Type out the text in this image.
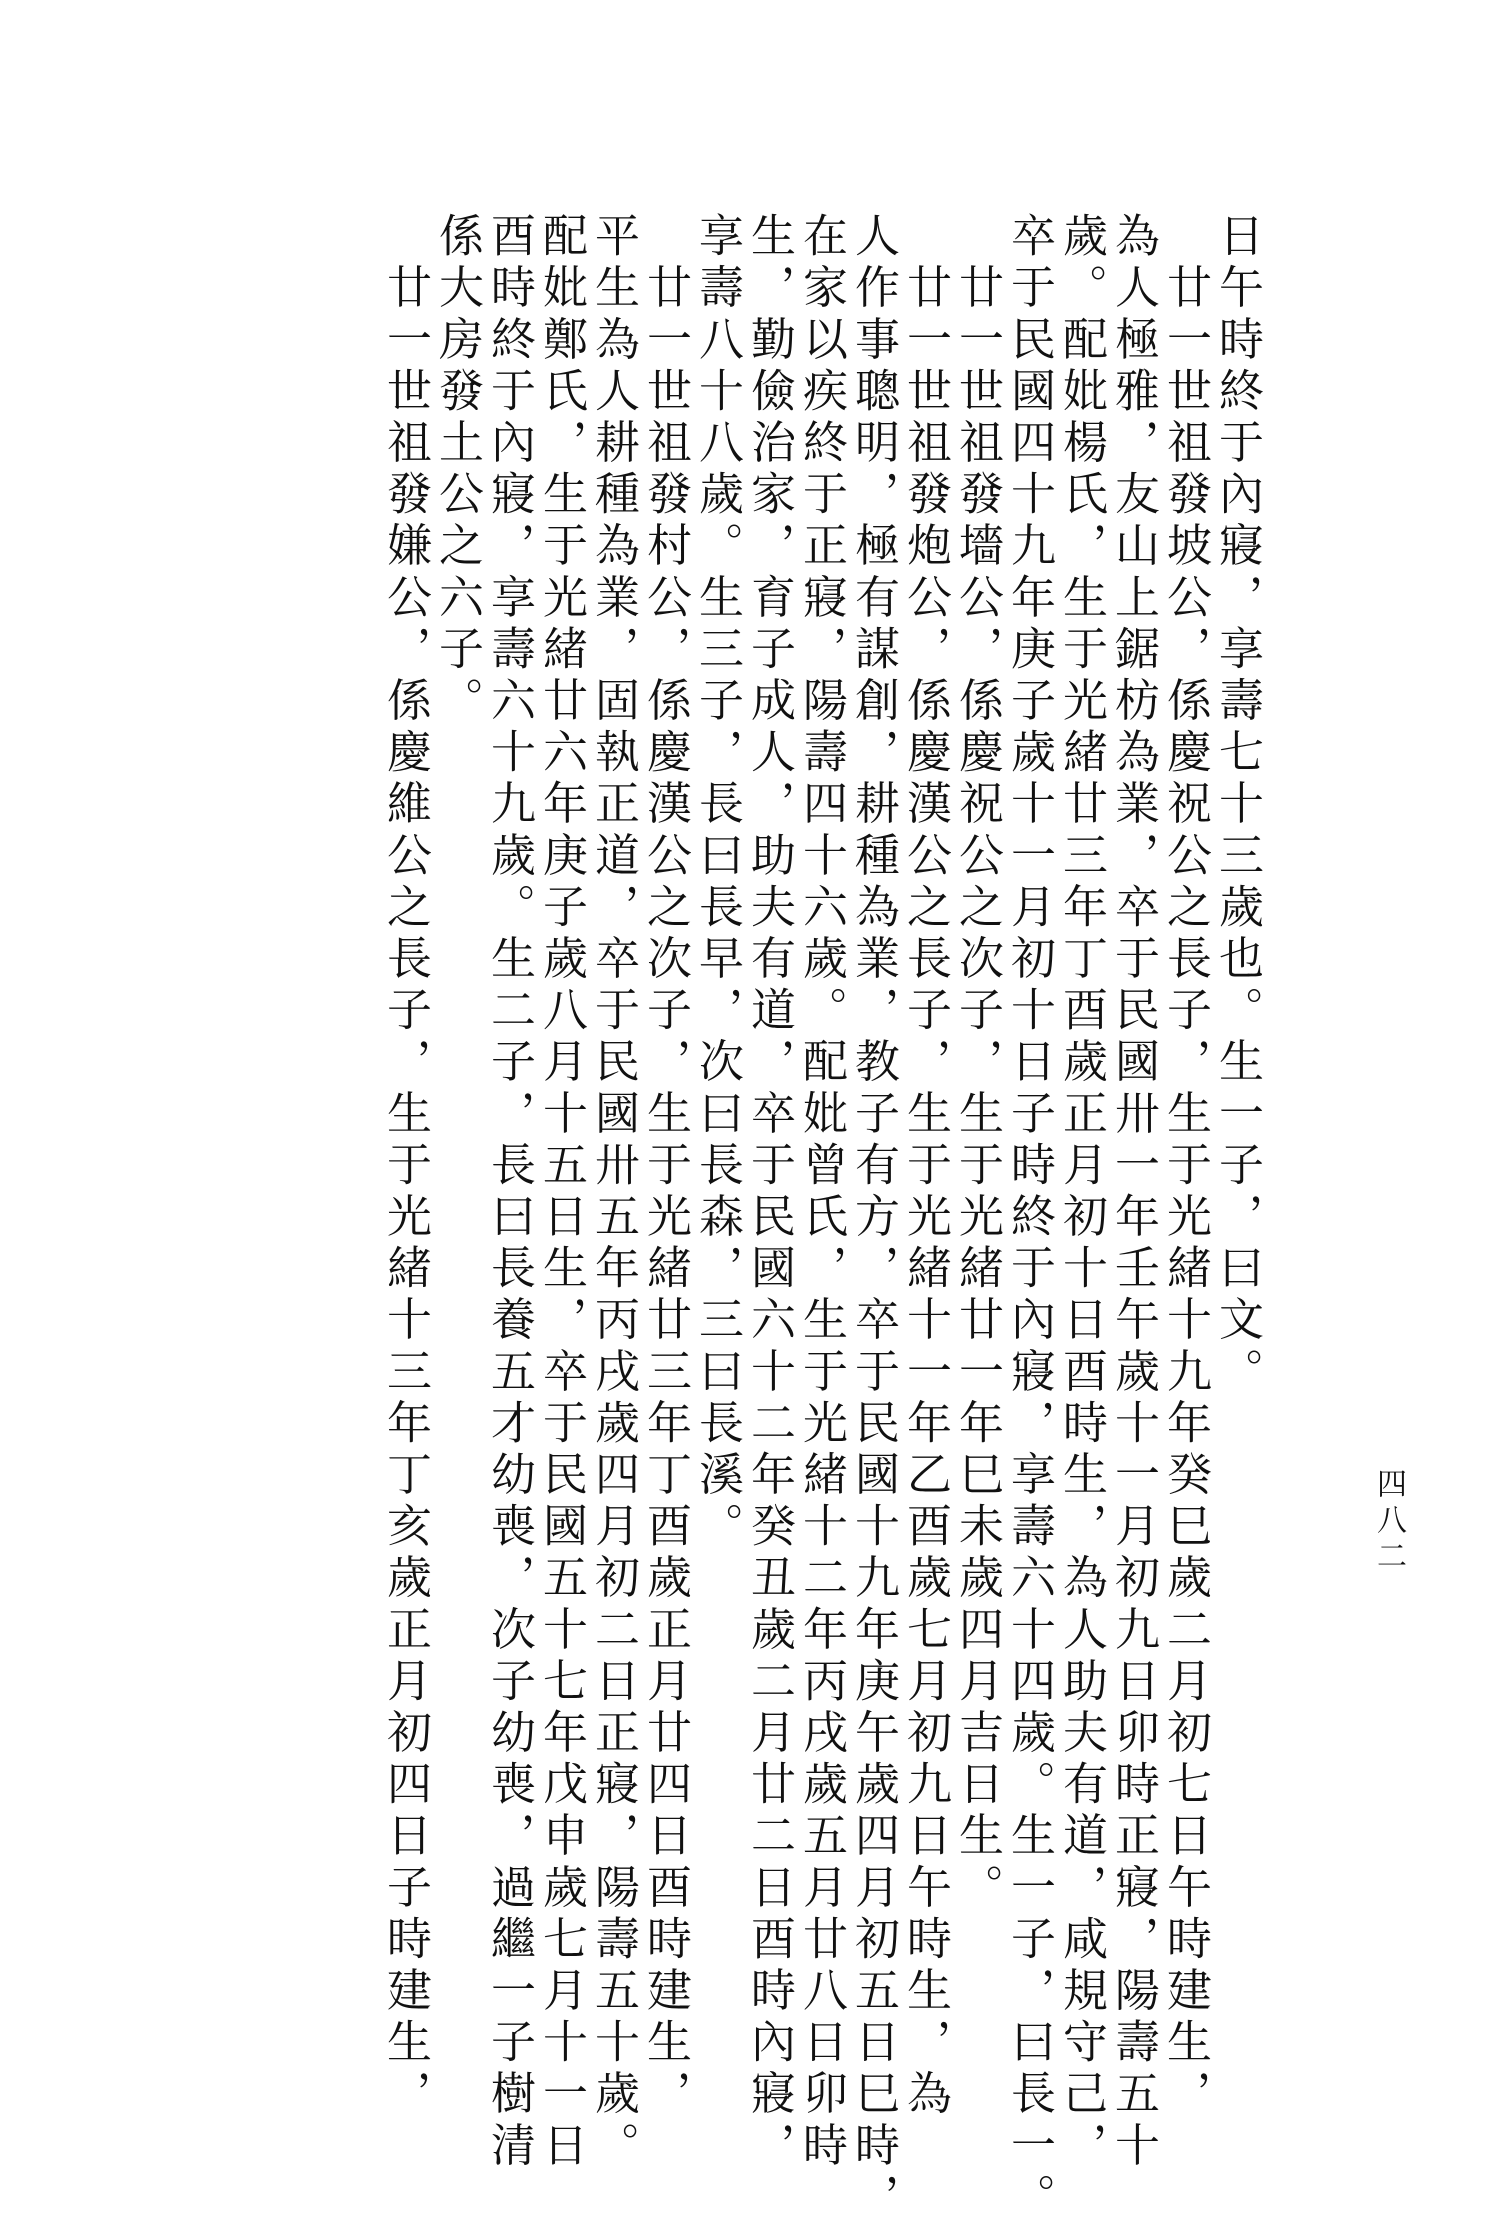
日午時終于內寢，享壽七十三歲也。生一子，曰文。
　廿一世祖發坡公，係慶祝公之長子，生于光緒十九年癸巳歲二月初七日午時建生，
為人極雅，友山上鋸枋為業，卒于民國卅一年壬午歲十一月初九日卯時正寢，陽壽五十
歲。配妣楊氏，生于光緒廿三年丁酉歲正月初十日酉時生，為人助夫有道，咸規守己，
卒于民國四十九年庚子歲十一月初十日子時終于內寢，享壽六十四歲。生一子，曰長一。
　廿一世祖發墻公，係慶祝公之次子，生于光緒廿一年巳未歲四月吉日生。
　廿一世祖發炮公，係慶漢公之長子，生于光緒十一年乙酉歲七月初九日午時生，為
人作事聰明，極有謀創，耕種為業，教子有方，卒于民國十九年庚午歲四月初五日巳時，
在家以疾終于正寢，陽壽四十六歲。配妣曾氏，生于光緒十二年丙戌歲五月廿八日卯時
生，勤儉治家，育子成人，助夫有道，卒于民國六十二年癸丑歲二月廿二日酉時內寢，
享壽八十八歲。生三子，長曰長早，次曰長森，三曰長溪。
　廿一世祖發村公，係慶漢公之次子，生于光緒廿三年丁酉歲正月廿四日酉時建生，
平生為人耕種為業，固執正道，卒于民國卅五年丙戌歲四月初二日正寢，陽壽五十歲。
配妣鄭氏，生于光緒廿六年庚子歲八月十五日生，卒于民國五十七年戊申歲七月十一日
酉時終于內寢，享壽六十九歲。生二子，長曰長養五才幼喪，次子幼喪，過繼一子樹清
係大房發土公之六子。
　廿一世祖發嫌公，係慶維公之長子，生于光緒十三年丁亥歲正月初四日子時建生，	四八二
